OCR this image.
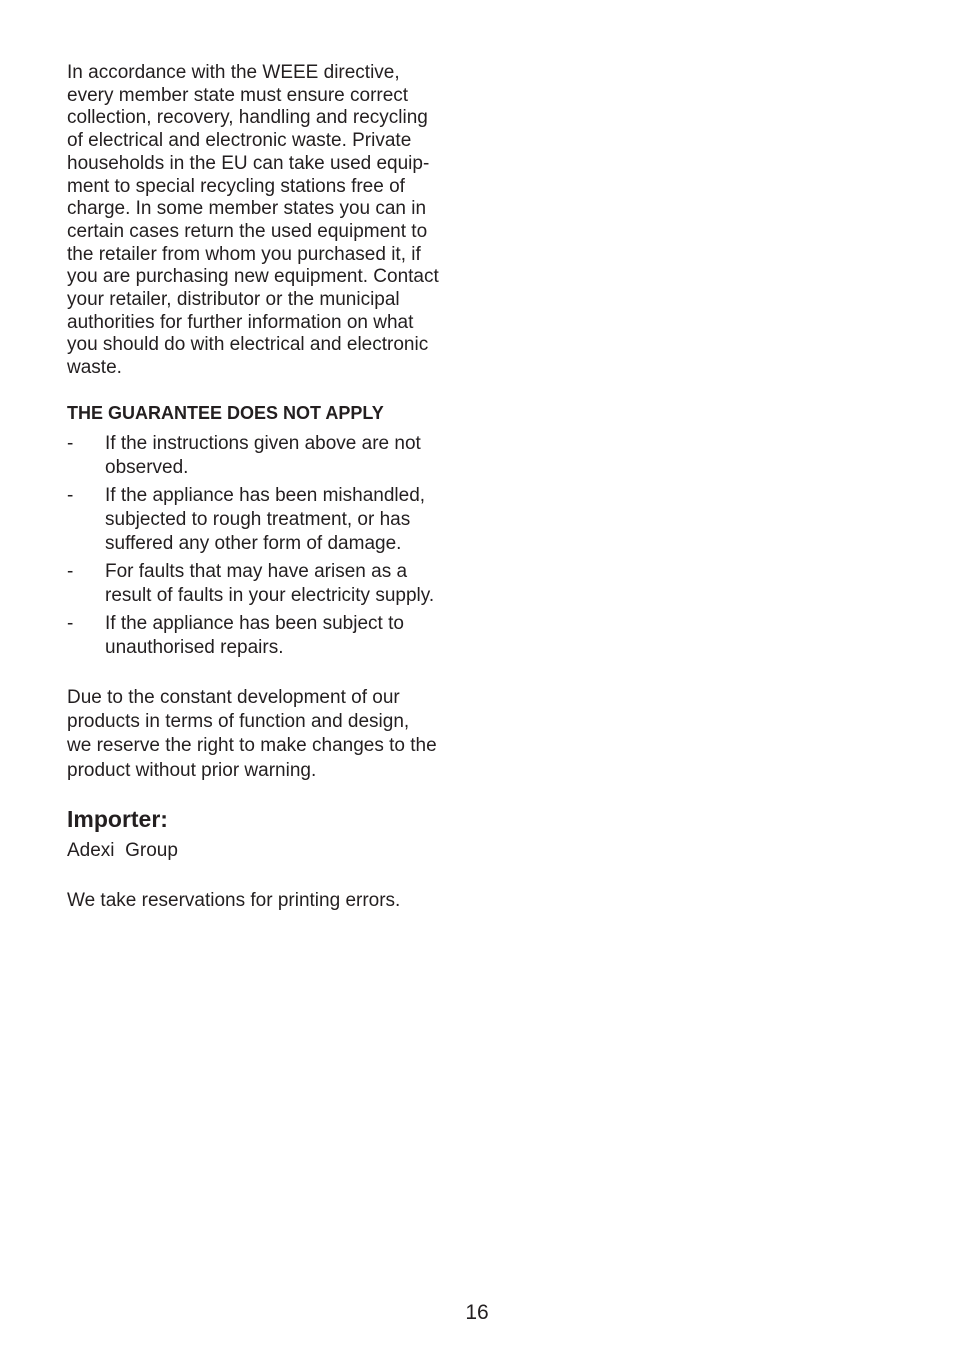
In accordance with the WEEE directive,
every member state must ensure correct
collection, recovery, handling and recycling
of electrical and electronic waste. Private
households in the EU can take used equip-
ment to special recycling stations free of
charge. In some member states you can in
certain cases return the used equipment to
the retailer from whom you purchased it, if
you are purchasing new equipment. Contact
your retailer, distributor or the municipal
authorities for further information on what
you should do with electrical and electronic
waste.

THE GUARANTEE DOES NOT APPLY
-	If the instructions given above are not
observed.
-	If the appliance has been mishandled,
subjected to rough treatment, or has
suffered any other form of damage.
-	For faults that may have arisen as a
result of faults in your electricity supply.
-	If the appliance has been subject to
unauthorised repairs.

Due to the constant development of our
products in terms of function and design,
we reserve the right to make changes to the
product without prior warning.

Importer:

Adexi  Group

We take reservations for printing errors.

16
